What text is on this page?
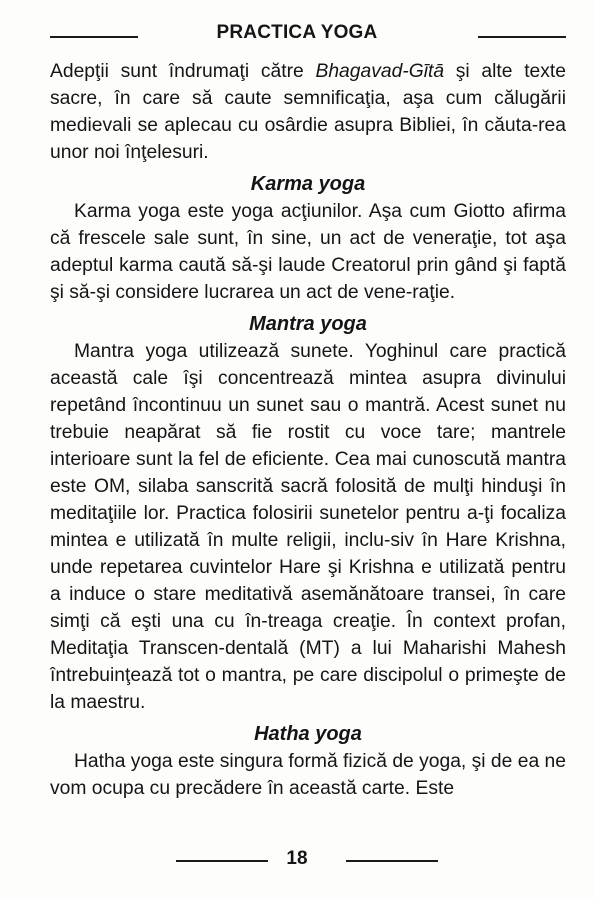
PRACTICA YOGA

Adepţii sunt îndrumaţi către Bhagavad-Gītā şi alte texte sacre, în care să caute semnificaţia, aşa cum călugării medievali se aplecau cu osârdie asupra Bibliei, în căuta-rea unor noi înţelesuri.

Karma yoga

Karma yoga este yoga acţiunilor. Aşa cum Giotto afirma că frescele sale sunt, în sine, un act de veneraţie, tot aşa adeptul karma caută să-şi laude Creatorul prin gând şi faptă şi să-şi considere lucrarea un act de vene-raţie.

Mantra yoga

Mantra yoga utilizează sunete. Yoghinul care practică această cale îşi concentrează mintea asupra divinului repetând încontinuu un sunet sau o mantră. Acest sunet nu trebuie neapărat să fie rostit cu voce tare; mantrele interioare sunt la fel de eficiente. Cea mai cunoscută mantra este OM, silaba sanscrită sacră folosită de mulţi hinduşi în meditaţiile lor. Practica folosirii sunetelor pentru a-ţi focaliza mintea e utilizată în multe religii, inclu-siv în Hare Krishna, unde repetarea cuvintelor Hare şi Krishna e utilizată pentru a induce o stare meditativă asemănătoare transei, în care simţi că eşti una cu în-treaga creaţie. În context profan, Meditaţia Transcen-dentală (MT) a lui Maharishi Mahesh întrebuinţează tot o mantra, pe care discipolul o primeşte de la maestru.

Hatha yoga

Hatha yoga este singura formă fizică de yoga, şi de ea ne vom ocupa cu precădere în această carte. Este

18
